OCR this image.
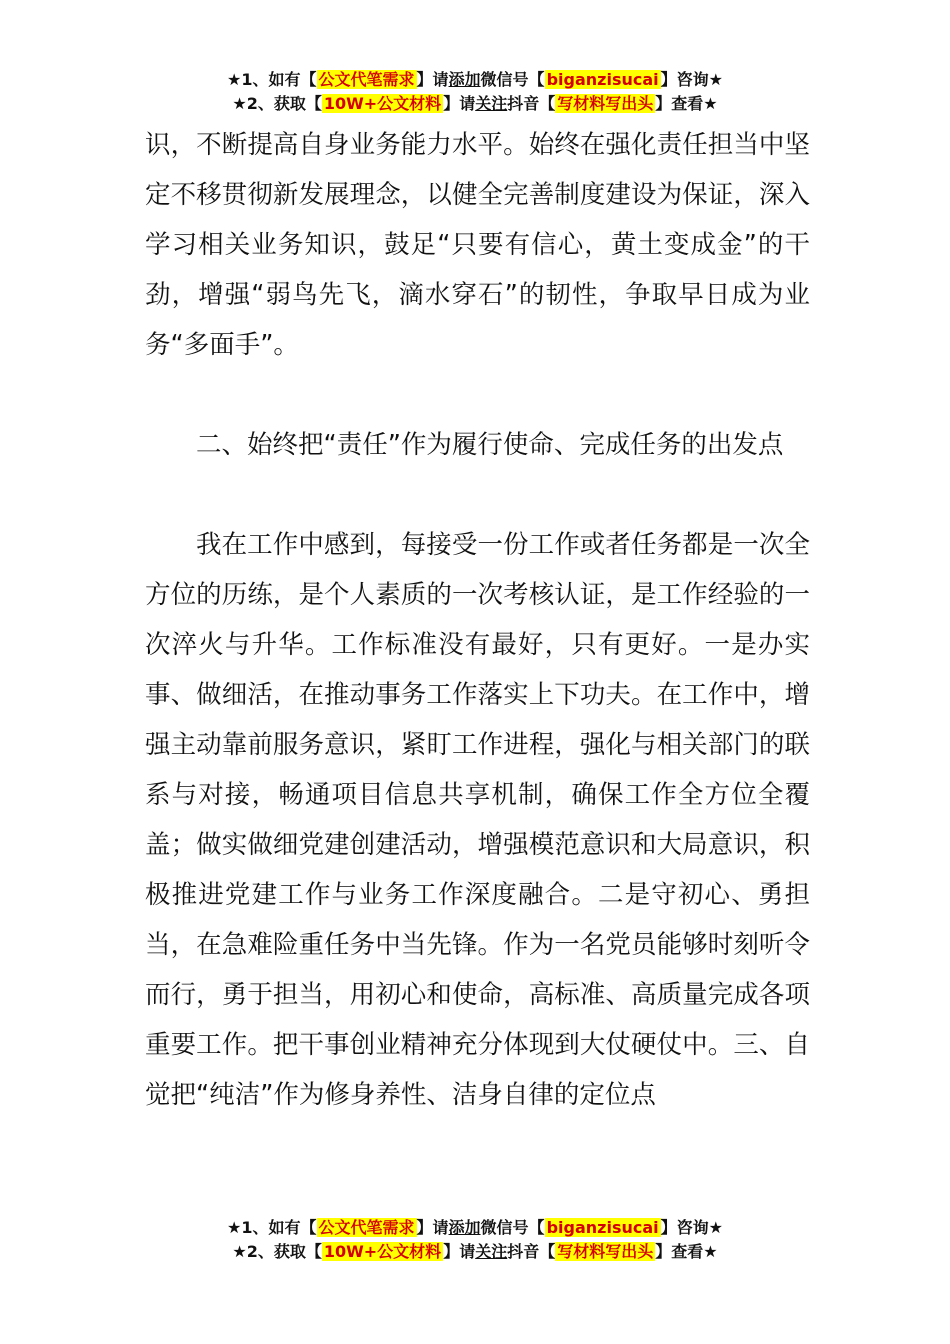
★1、如有【 公文代笔需求 】请添加微信号【 biganzisucai 】咨询★
★2、获取【 10W+公文材料 】请关注抖音【 写材料写出头 】查看★

识，不断提高自身业务能力水平。始终在强化责任担当中坚定不移贯彻新发展理念，以健全完善制度建设为保证，深入学习相关业务知识，鼓足“只要有信心，黄土变成金”的干劲，增强“弱鸟先飞，滴水穿石”的韧性，争取早日成为业务“多面手”。

二、始终把“责任”作为履行使命、完成任务的出发点

我在工作中感到，每接受一份工作或者任务都是一次全方位的历练，是个人素质的一次考核认证，是工作经验的一次淬火与升华。工作标准没有最好，只有更好。一是办实事、做细活，在推动事务工作落实上下功夫。在工作中，增强主动靠前服务意识，紧盯工作进程，强化与相关部门的联系与对接，畅通项目信息共享机制，确保工作全方位全覆盖；做实做细党建创建活动，增强模范意识和大局意识，积极推进党建工作与业务工作深度融合。二是守初心、勇担当，在急难险重任务中当先锋。作为一名党员能够时刻听令而行，勇于担当，用初心和使命，高标准、高质量完成各项重要工作。把干事创业精神充分体现到大仗硬仗中。三、自觉把“纯洁”作为修身养性、洁身自律的定位点

★1、如有【 公文代笔需求 】请添加微信号【 biganzisucai 】咨询★
★2、获取【 10W+公文材料 】请关注抖音【 写材料写出头 】查看★
